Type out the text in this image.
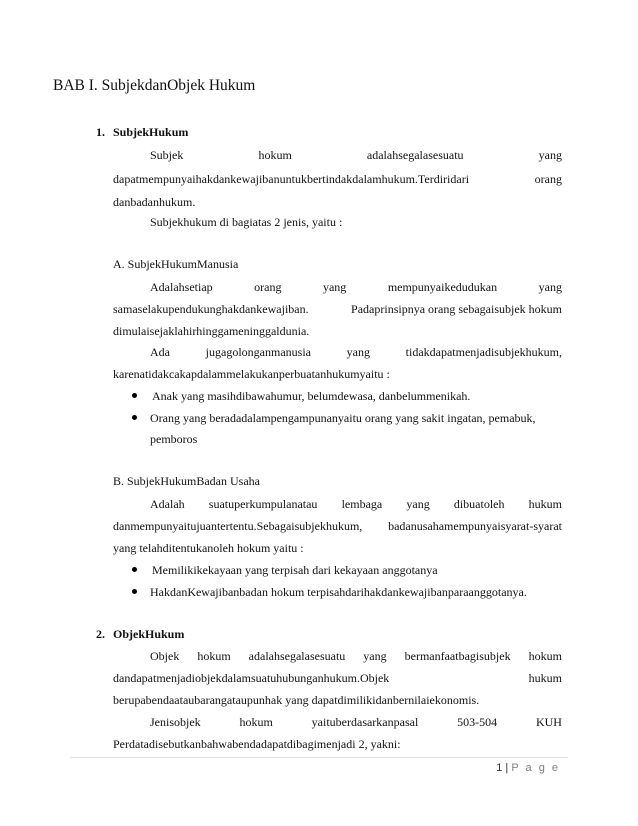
BAB I. SubjekdanObjek Hukum
1. SubjekHukum
Subjek	hokum	adalahsegalasesuatu	yang
dapatmempunyaihakdankewajibanuntukbertindakdalamhukum.Terdiridari	orang
danbadanhukum.
Subjekhukum di bagiatas 2 jenis, yaitu :
A. SubjekHukumManusia
Adalahsetiap	orang	yang	mempunyaikedudukan	yang
samaselakupendukunghakdankewajiban.	Padaprinsipnya orang sebagaisubjek hokum
dimulaisejaklahirhinggameninggaldunia.
Ada	jugagolonganmanusia	yang	tidakdapatmenjadisubjekhukum,
karenatidakcakapdalammelakukanperbuatanhukumyaitu :
Anak yang masihdibawahumur, belumdewasa, danbelummenikah.
Orang yang beradadalampengampunanyaitu orang yang sakit ingatan, pemabuk,
pemboros
B. SubjekHukumBadan Usaha
Adalah suatuperkumpulanatau lembaga yang dibuatoleh hukum
danmempunyaitujuantertentu.Sebagaisubjekhukum, badanusahamempunyaisyarat-syarat
yang telahditentukanoleh hokum yaitu :
Memilikikekayaan yang terpisah dari kekayaan anggotanya
HakdanKewajibanbadan hokum terpisahdarihakdankewajibanparaanggotanya.
2. ObjekHukum
Objek hokum adalahsegalasesuatu yang bermanfaatbagisubjek hokum
dandapatmenjadiobjekdalamsuatuhubunganhukum.Objek	hukum
berupabendaataubarangataupunhak yang dapatdimilikidanbernilaiekonomis.
Jenisobjek	hokum	yaituberdasarkanpasal	503-504	KUH
Perdatadisebutkanbahwabendadapatdibagimenjadi 2, yakni:
1 | P a g e
